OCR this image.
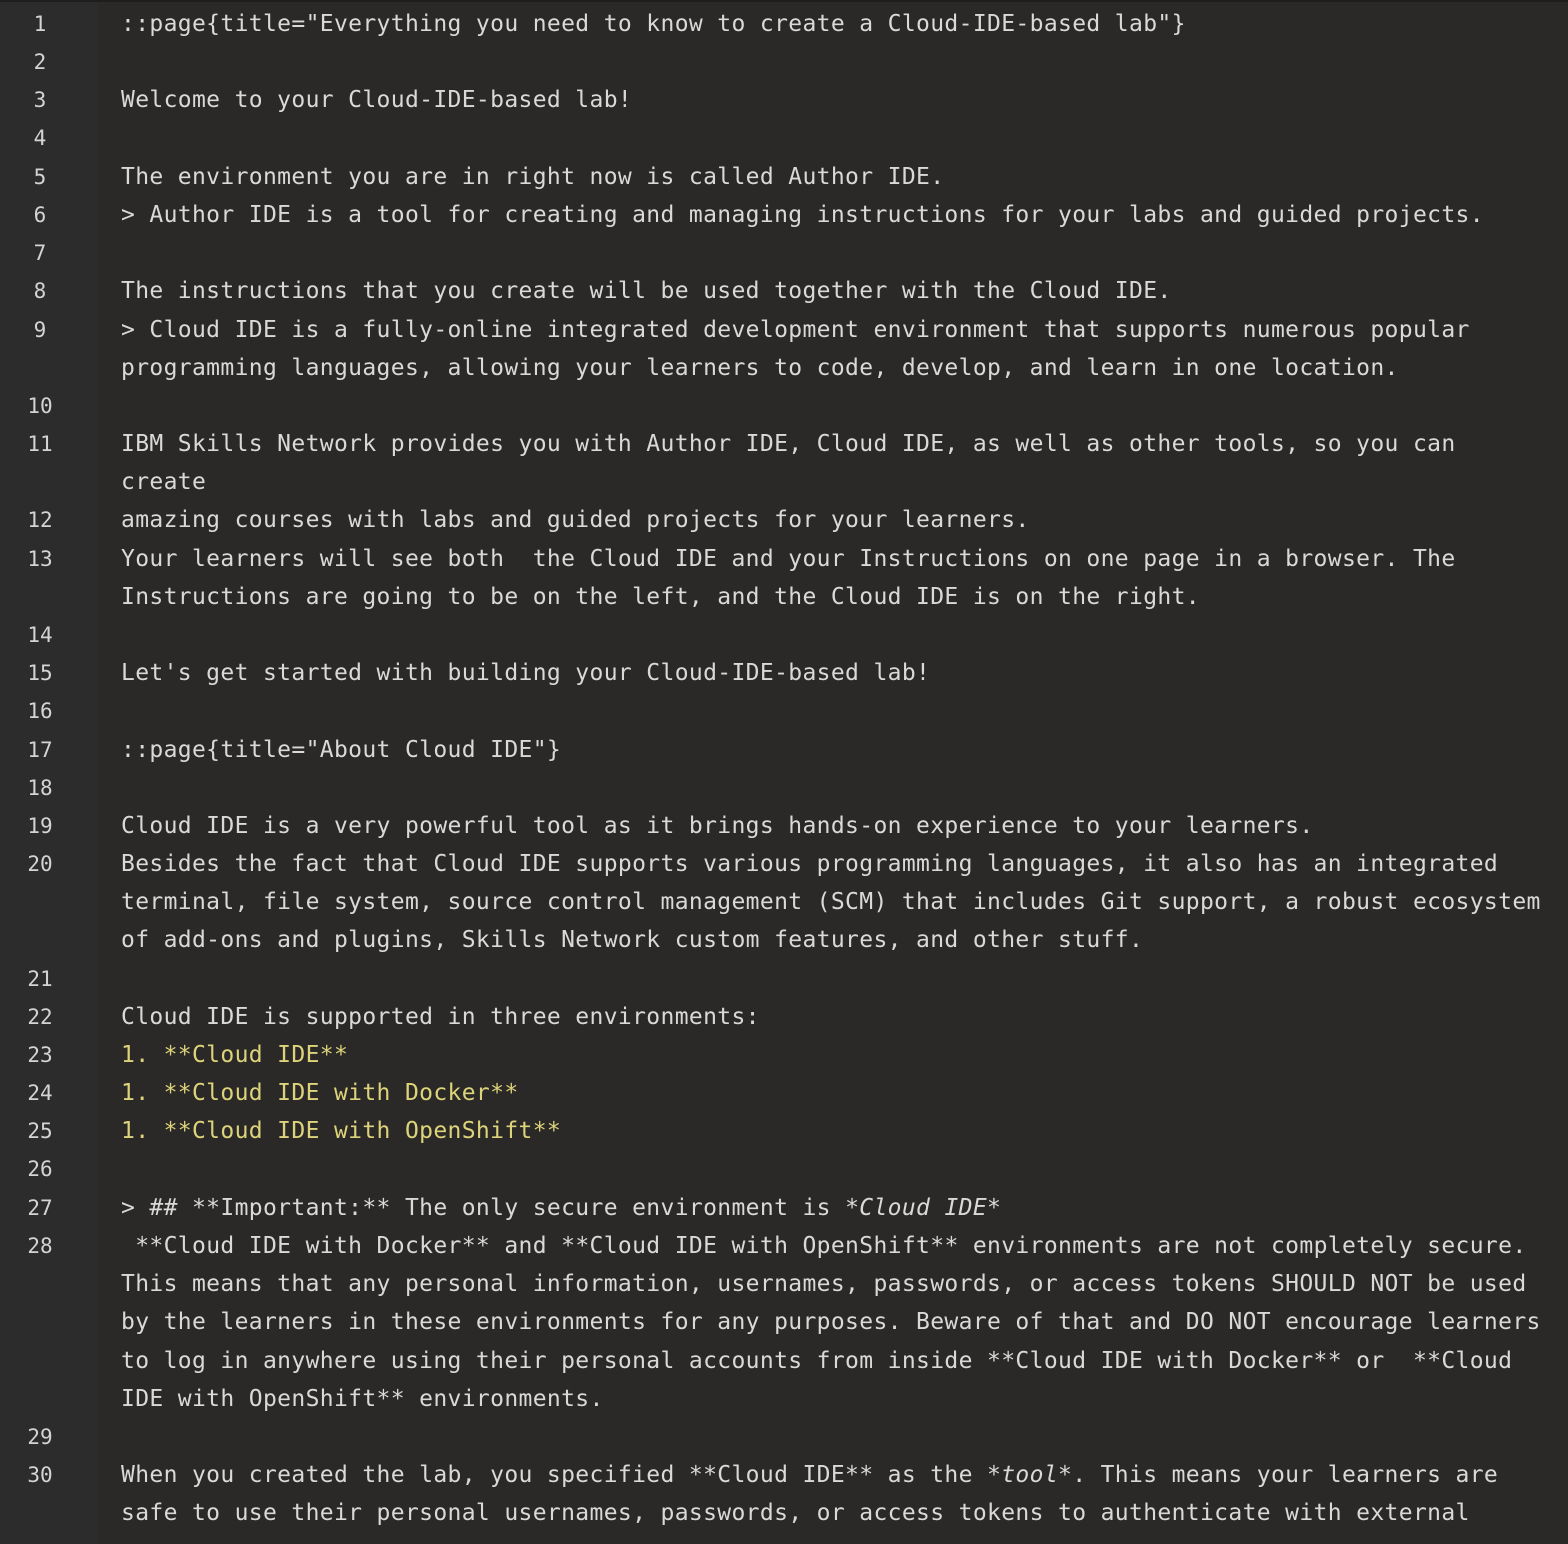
1	::page{title="Everything you need to know to create a Cloud-IDE-based lab"}
2
3	Welcome to your Cloud-IDE-based lab!
4
5	The environment you are in right now is called Author IDE.
6	> Author IDE is a tool for creating and managing instructions for your labs and guided projects.
7
8	The instructions that you create will be used together with the Cloud IDE.
9	> Cloud IDE is a fully-online integrated development environment that supports numerous popular
programming languages, allowing your learners to code, develop, and learn in one location.
10
11	IBM Skills Network provides you with Author IDE, Cloud IDE, as well as other tools, so you can create
amazing courses with labs and guided projects for your learners.
12
13	Your learners will see both  the Cloud IDE and your Instructions on one page in a browser. The
Instructions are going to be on the left, and the Cloud IDE is on the right.
14
15	Let's get started with building your Cloud-IDE-based lab!
16
17	::page{title="About Cloud IDE"}
18
19	Cloud IDE is a very powerful tool as it brings hands-on experience to your learners.
20	Besides the fact that Cloud IDE supports various programming languages, it also has an integrated
terminal, file system, source control management (SCM) that includes Git support, a robust ecosystem
of add-ons and plugins, Skills Network custom features, and other stuff.
21
22	Cloud IDE is supported in three environments:
23	1. **Cloud IDE**
24	1. **Cloud IDE with Docker**
25	1. **Cloud IDE with OpenShift**
26
27	> ## **Important:** The only secure environment is *Cloud IDE*
28	**Cloud IDE with Docker** and **Cloud IDE with OpenShift** environments are not completely secure.
This means that any personal information, usernames, passwords, or access tokens SHOULD NOT be used
by the learners in these environments for any purposes. Beware of that and DO NOT encourage learners
to log in anywhere using their personal accounts from inside **Cloud IDE with Docker** or  **Cloud
IDE with OpenShift** environments.
29
30	When you created the lab, you specified **Cloud IDE** as the *tool*. This means your learners are
safe to use their personal usernames, passwords, or access tokens to authenticate with external
